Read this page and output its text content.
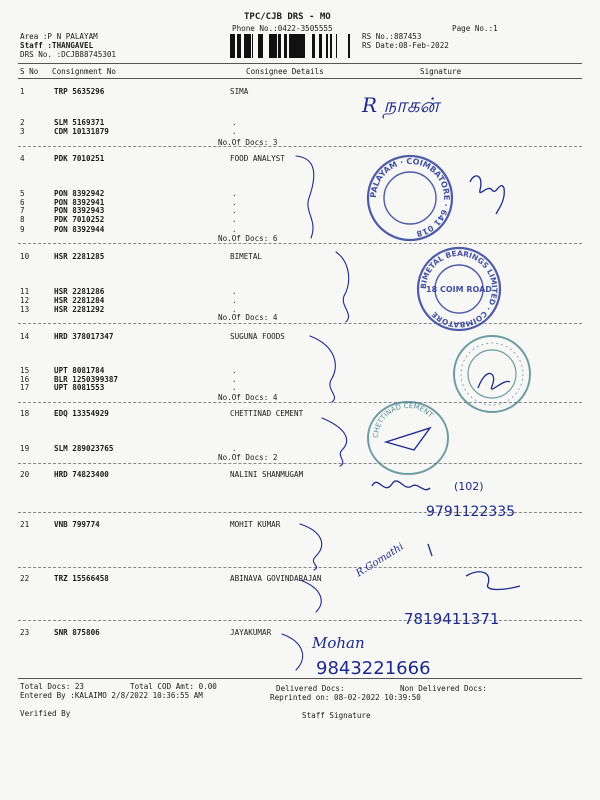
TPC/CJB DRS - MO
Phone No.:0422-3505555	Page No.:1
Area :P N PALAYAM
Staff :THANGAVEL
DRS No. :DCJB88745301
RS No.:887453
RS Date:08-Feb-2022
S No Consignment No	Consignee Details	Signature
1	TRP 5635296	SIMA
2	SLM 5169371	.
3	CDM 10131879	.
4	PDK 7010251	FOOD ANALYST
5	PON 8392942	.
6	PON 8392941	.
7	PON 8392943	.
8	PDK 7010252	.
9	PON 8392944	.
10	HSR 2281285	BIMETAL
11	HSR 2281286	.
12	HSR 2281284	.
13	HSR 2281292	.
14	HRD 378017347	SUGUNA FOODS
15	UPT 8081784	.
16	BLR 1250399387	.
17	UPT 8081553	.
18	EDQ 13354929	CHETTINAD CEMENT
19	SLM 289023765	.
20	HRD 74823400	NALINI SHANMUGAM
21	VNB 799774	MOHIT KUMAR
22	TRZ 15566458	ABINAVA GOVINDARAJAN
23	SNR 875806	JAYAKUMAR
No.Of Docs: 3
No.Of Docs: 6
No.Of Docs: 4
No.Of Docs: 4
No.Of Docs: 2
Total Docs: 23	Total COD Amt: 0.00	Delivered Docs:	Non Delivered Docs:
Entered By :KALAIMO 2/8/2022 10:36:55 AM	Reprinted on: 08-02-2022 10:39:50
Verified By	Staff Signature
R நாகன்
9791122335
(102)
R.Gomathi
7819411371
Mohan
9843221666
PALAYAM · COIMBATORE · 641 018
BIMETAL BEARINGS LIMITED · COIMBATORE
18 COIM ROAD
CHETTINAD CEMENT
